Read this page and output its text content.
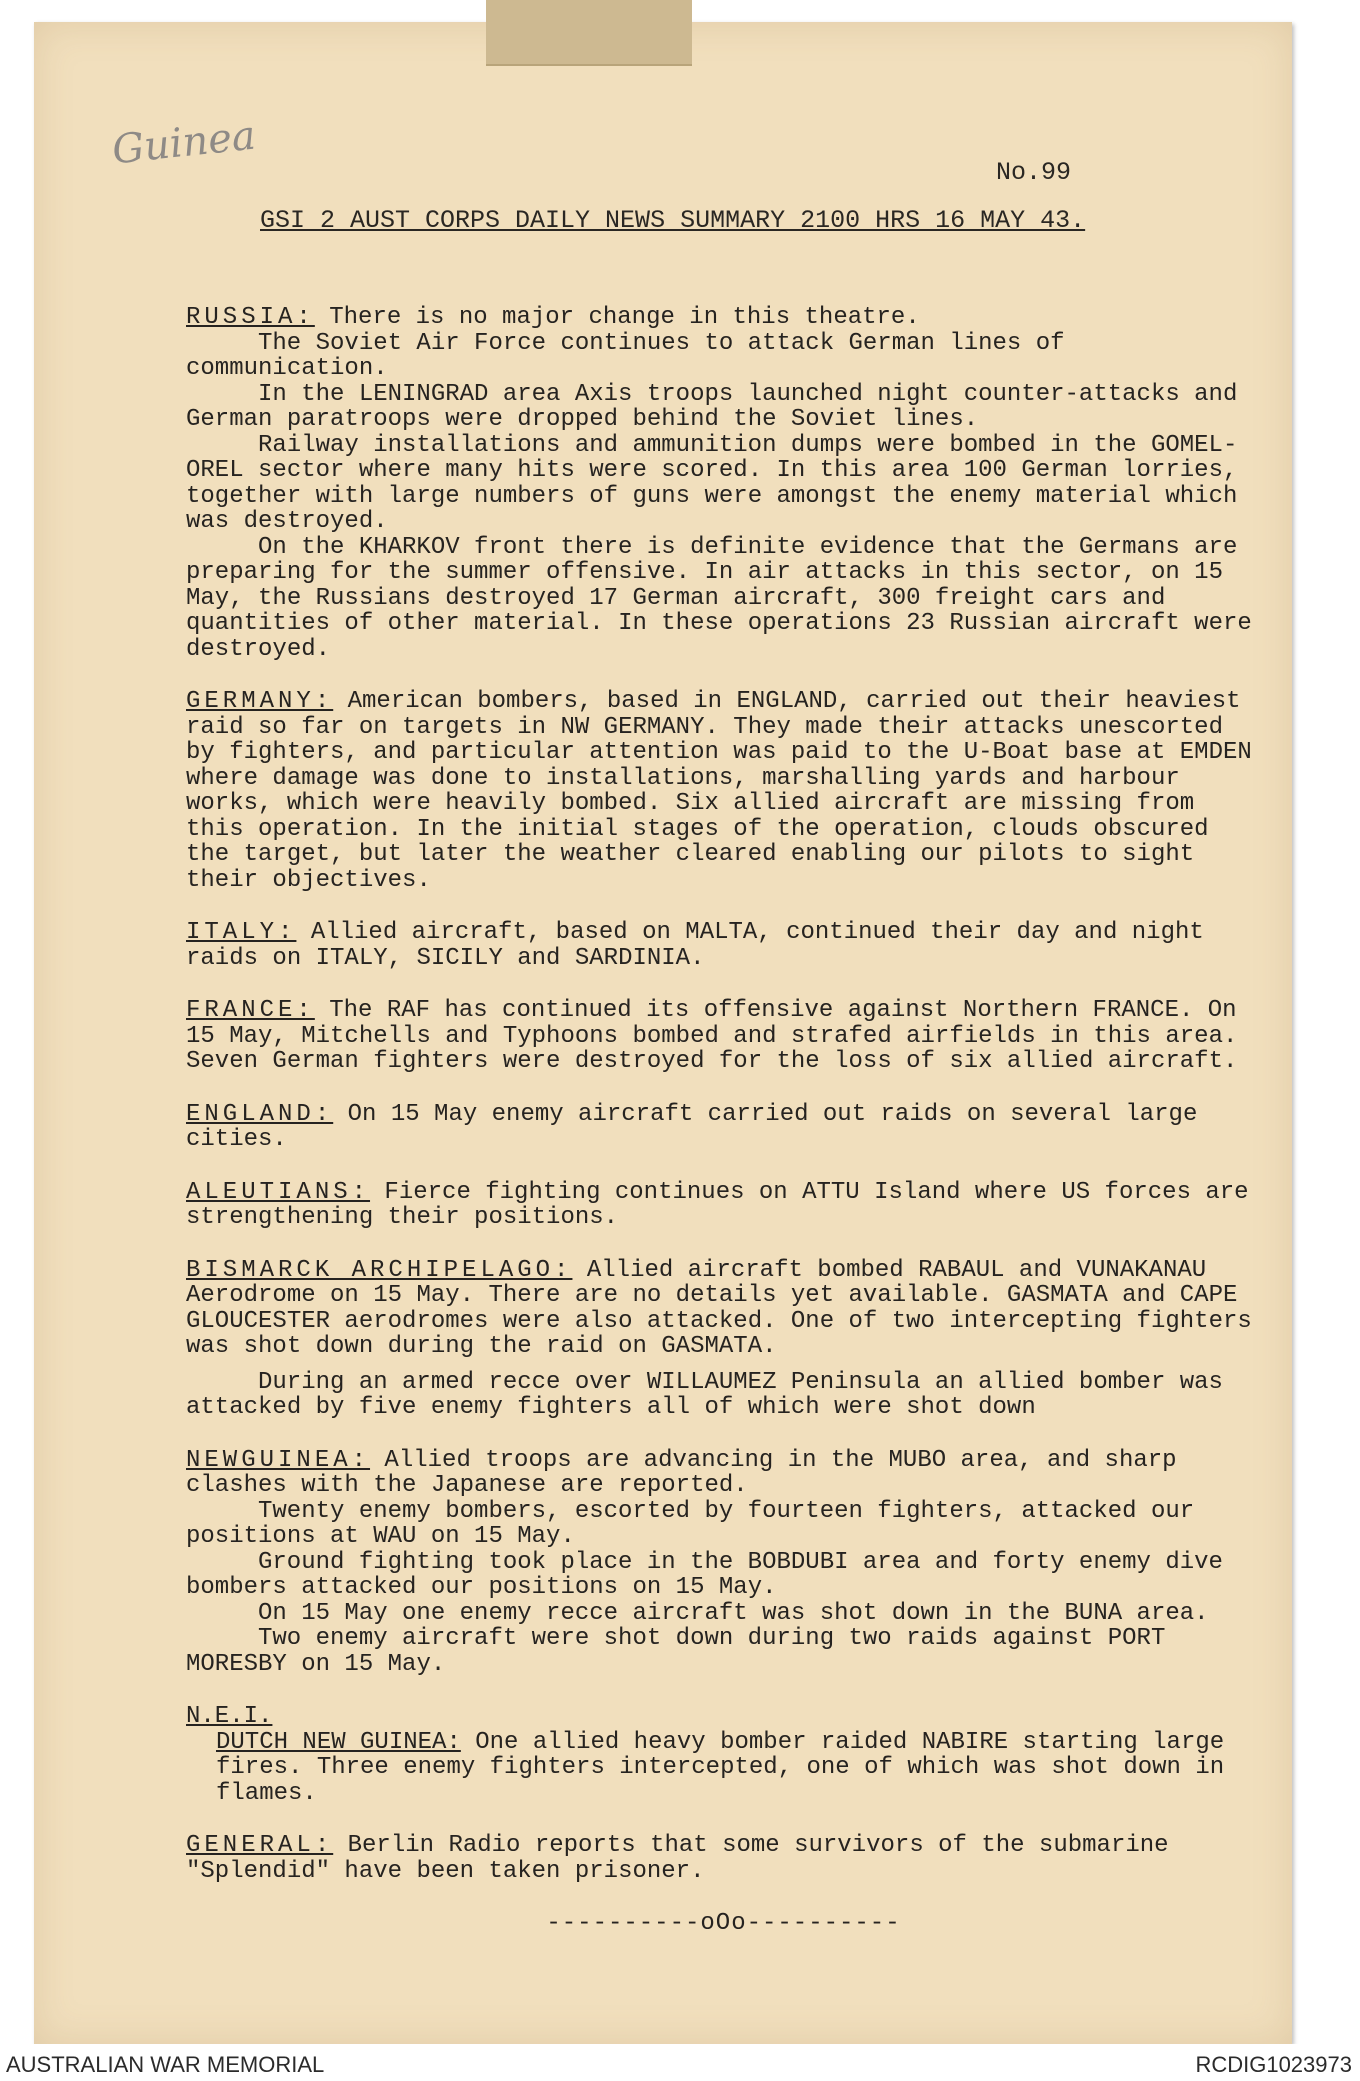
Guinea	No.99
GSI 2 AUST CORPS DAILY NEWS SUMMARY 2100 HRS 16 MAY 43.

RUSSIA: There is no major change in this theatre.

The Soviet Air Force continues to attack German lines of communication.

In the LENINGRAD area Axis troops launched night counter-attacks and German paratroops were dropped behind the Soviet lines.

Railway installations and ammunition dumps were bombed in the GOMEL-OREL sector where many hits were scored. In this area 100 German lorries, together with large numbers of guns were amongst the enemy material which was destroyed.

On the KHARKOV front there is definite evidence that the Germans are preparing for the summer offensive. In air attacks in this sector, on 15 May, the Russians destroyed 17 German aircraft, 300 freight cars and quantities of other material. In these operations 23 Russian aircraft were destroyed.

GERMANY: American bombers, based in ENGLAND, carried out their heaviest raid so far on targets in NW GERMANY. They made their attacks unescorted by fighters, and particular attention was paid to the U-Boat base at EMDEN where damage was done to installations, marshalling yards and harbour works, which were heavily bombed. Six allied aircraft are missing from this operation. In the initial stages of the operation, clouds obscured the target, but later the weather cleared enabling our pilots to sight their objectives.

ITALY: Allied aircraft, based on MALTA, continued their day and night raids on ITALY, SICILY and SARDINIA.

FRANCE: The RAF has continued its offensive against Northern FRANCE. On 15 May, Mitchells and Typhoons bombed and strafed airfields in this area. Seven German fighters were destroyed for the loss of six allied aircraft.

ENGLAND: On 15 May enemy aircraft carried out raids on several large cities.

ALEUTIANS: Fierce fighting continues on ATTU Island where US forces are strengthening their positions.

BISMARCK ARCHIPELAGO: Allied aircraft bombed RABAUL and VUNAKANAU Aerodrome on 15 May. There are no details yet available. GASMATA and CAPE GLOUCESTER aerodromes were also attacked. One of two intercepting fighters was shot down during the raid on GASMATA.

During an armed recce over WILLAUMEZ Peninsula an allied bomber was attacked by five enemy fighters all of which were shot down

NEWGUINEA: Allied troops are advancing in the MUBO area, and sharp clashes with the Japanese are reported.

Twenty enemy bombers, escorted by fourteen fighters, attacked our positions at WAU on 15 May.

Ground fighting took place in the BOBDUBI area and forty enemy dive bombers attacked our positions on 15 May.

On 15 May one enemy recce aircraft was shot down in the BUNA area.

Two enemy aircraft were shot down during two raids against PORT MORESBY on 15 May.

N.E.I.

DUTCH NEW GUINEA: One allied heavy bomber raided NABIRE starting large fires. Three enemy fighters intercepted, one of which was shot down in flames.

GENERAL: Berlin Radio reports that some survivors of the submarine "Splendid" have been taken prisoner.

----------oOo----------
AUSTRALIAN WAR MEMORIAL	RCDIG1023973
